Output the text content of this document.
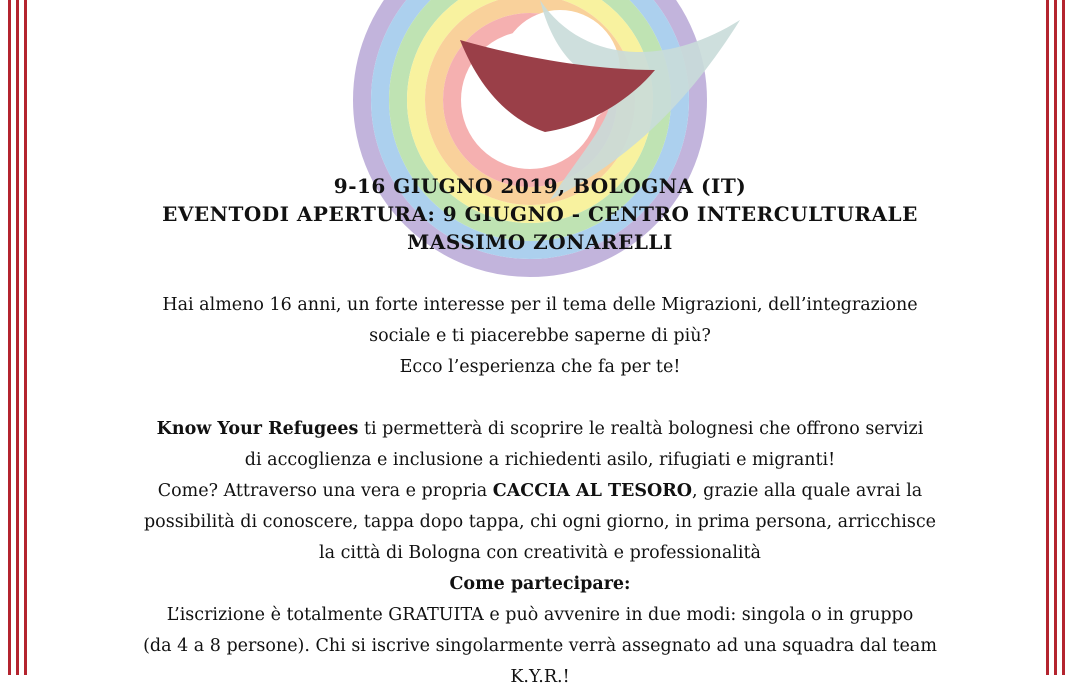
9-16 GIUGNO 2019, BOLOGNA (IT)
EVENTODI APERTURA: 9 GIUGNO - CENTRO INTERCULTURALE
MASSIMO ZONARELLI
Hai almeno 16 anni, un forte interesse per il tema delle Migrazioni, dell’integrazione
sociale e ti piacerebbe saperne di più?
Ecco l’esperienza che fa per te!
Know Your Refugees ti permetterà di scoprire le realtà bolognesi che offrono servizi
di accoglienza e inclusione a richiedenti asilo, rifugiati e migranti!
Come? Attraverso una vera e propria CACCIA AL TESORO, grazie alla quale avrai la
possibilità di conoscere, tappa dopo tappa, chi ogni giorno, in prima persona, arricchisce
la città di Bologna con creatività e professionalità
Come partecipare:
L’iscrizione è totalmente GRATUITA e può avvenire in due modi: singola o in gruppo
(da 4 a 8 persone). Chi si iscrive singolarmente verrà assegnato ad una squadra dal team
K.Y.R.!
